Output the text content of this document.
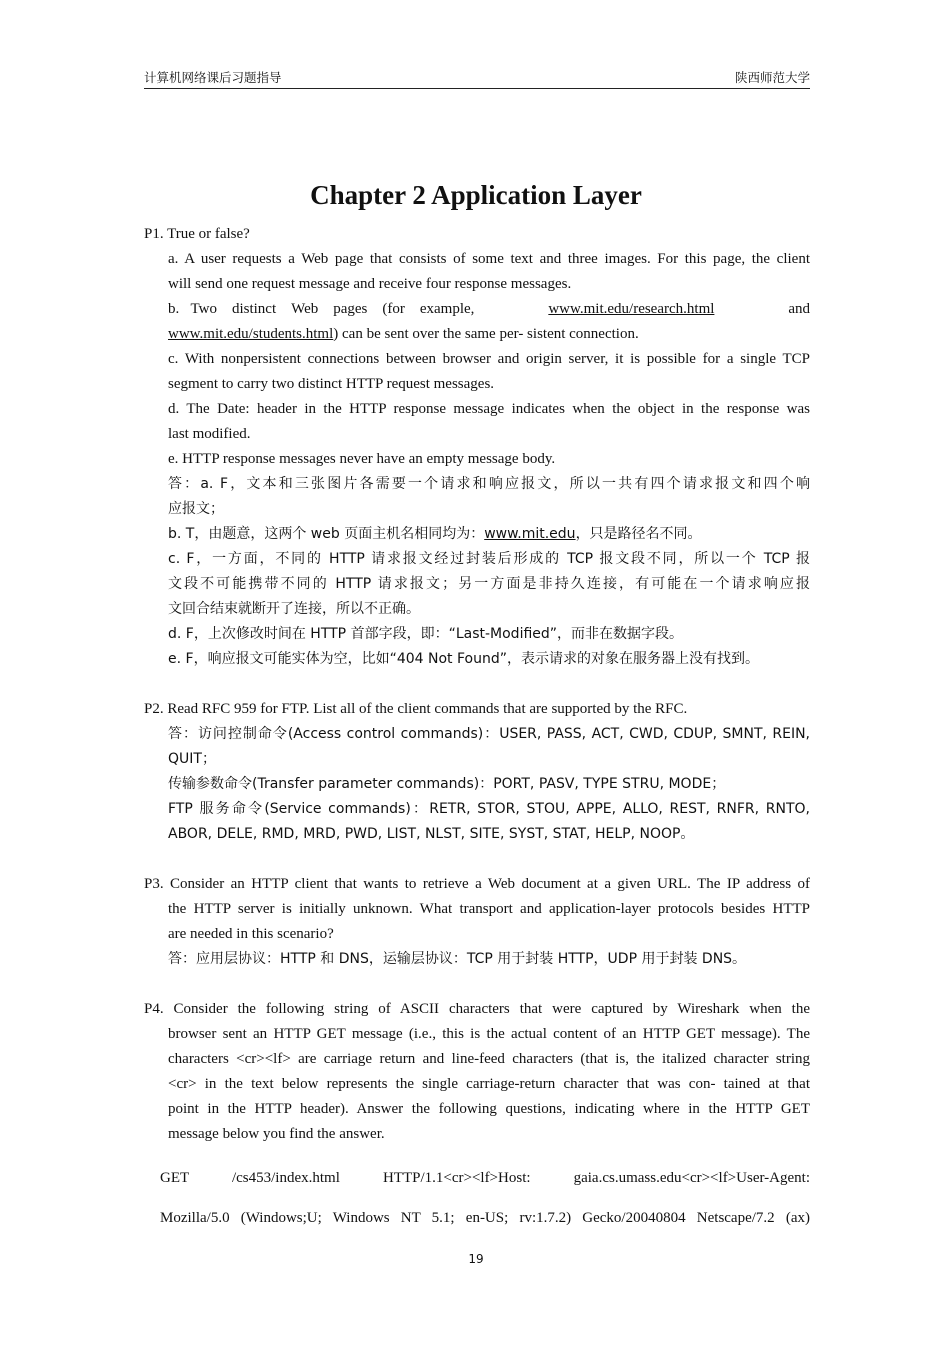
计算机网络课后习题指导	陕西师范大学
Chapter 2 Application Layer

P1. True or false?

a. A user requests a Web page that consists of some text and three images. For this page, the client

will send one request message and receive four response messages.

b.   Two    distinct    Web    pages    (for    example,	www.mit.edu/research.html	and

www.mit.edu/students.html) can be sent over the same per- sistent connection.

c. With nonpersistent connections between browser and origin server, it is possible for a single TCP

segment to carry two distinct HTTP request messages.

d. The Date: header in the HTTP response message indicates when the object in the response was

last modified.

e. HTTP response messages never have an empty message body.

答：a. F，文本和三张图片各需要一个请求和响应报文，所以一共有四个请求报文和四个响

应报文；

b. T，由题意，这两个 web 页面主机名相同均为：www.mit.edu，只是路径名不同。

c. F，一方面，不同的 HTTP 请求报文经过封装后形成的 TCP 报文段不同，所以一个 TCP 报

文段不可能携带不同的 HTTP 请求报文；另一方面是非持久连接，有可能在一个请求响应报

文回合结束就断开了连接，所以不正确。

d. F，上次修改时间在 HTTP 首部字段，即：“Last-Modified”，而非在数据字段。

e. F，响应报文可能实体为空，比如“404 Not Found”，表示请求的对象在服务器上没有找到。

P2. Read RFC 959 for FTP. List all of the client commands that are supported by the RFC.

答：访问控制命令(Access control commands)：USER, PASS, ACT, CWD, CDUP, SMNT, REIN,

QUIT；

传输参数命令(Transfer parameter commands)：PORT, PASV, TYPE STRU, MODE；

FTP 服务命令(Service commands)：RETR, STOR, STOU, APPE, ALLO, REST, RNFR, RNTO,

ABOR, DELE, RMD, MRD, PWD, LIST, NLST, SITE, SYST, STAT, HELP, NOOP。

P3. Consider an HTTP client that wants to retrieve a Web document at a given URL. The IP address of

the HTTP server is initially unknown. What transport and application-layer protocols besides HTTP

are needed in this scenario?

答：应用层协议：HTTP 和 DNS，运输层协议：TCP 用于封装 HTTP，UDP 用于封装 DNS。

P4. Consider the following string of ASCII characters that were captured by Wireshark when the

browser sent an HTTP GET message (i.e., this is the actual content of an HTTP GET message). The

characters <cr><lf> are carriage return and line-feed characters (that is, the italized character string

<cr> in the text below represents the single carriage-return character that was con- tained at that

point in the HTTP header). Answer the following questions, indicating where in the HTTP GET

message below you find the answer.

GET /cs453/index.html HTTP/1.1<cr><lf>Host: gaia.cs.umass.edu<cr><lf>User-Agent:

Mozilla/5.0 (Windows;U; Windows NT 5.1; en-US; rv:1.7.2) Gecko/20040804 Netscape/7.2 (ax)

19
